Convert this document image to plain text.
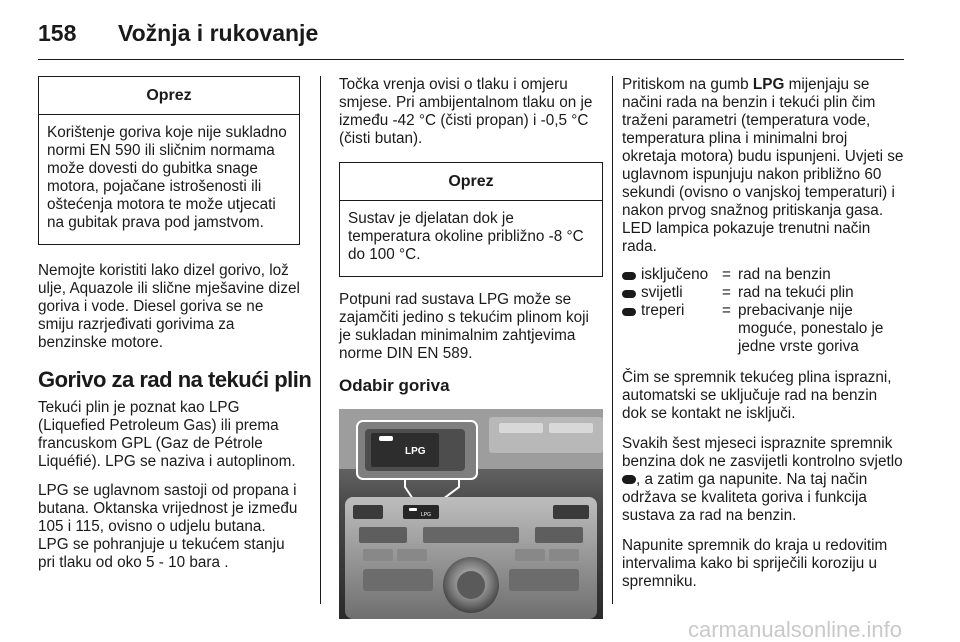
158 Vožnja i rukovanje
Oprez
Korištenje goriva koje nije sukladno normi EN 590 ili sličnim normama može dovesti do gubitka snage motora, pojačane istrošenosti ili oštećenja motora te može utjecati na gubitak prava pod jamstvom.

Nemojte koristiti lako dizel gorivo, lož ulje, Aquazole ili slične mješavine dizel goriva i vode. Diesel goriva se ne smiju razrjeđivati gorivima za benzinske motore.

Gorivo za rad na tekući plin

Tekući plin je poznat kao LPG (Liquefied Petroleum Gas) ili prema francuskom GPL (Gaz de Pétrole Liquéfié). LPG se naziva i autoplinom.

LPG se uglavnom sastoji od propana i butana. Oktanska vrijednost je između 105 i 115, ovisno o udjelu butana. LPG se pohranjuje u tekućem stanju pri tlaku od oko 5 - 10 bara .

Točka vrenja ovisi o tlaku i omjeru smjese. Pri ambijentalnom tlaku on je između -42 °C (čisti propan) i -0,5 °C (čisti butan).

Oprez
Sustav je djelatan dok je temperatura okoline približno -8 °C do 100 °C.

Potpuni rad sustava LPG može se zajamčiti jedino s tekućim plinom koji je sukladan minimalnim zahtjevima norme DIN EN 589.

Odabir goriva
LPG
LPG

Pritiskom na gumb LPG mijenjaju se načini rada na benzin i tekući plin čim traženi parametri (temperatura vode, temperatura plina i minimalni broj okretaja motora) budu ispunjeni. Uvjeti se uglavnom ispunjuju nakon približno 60 sekundi (ovisno o vanjskoj temperaturi) i nakon prvog snažnog pritiskanja gasa. LED lampica pokazuje trenutni način rada.

isključeno = rad na benzin
svijetli	= rad na tekući plin
treperi	= prebacivanje nije moguće, ponestalo je jedne vrste goriva

Čim se spremnik tekućeg plina isprazni, automatski se uključuje rad na benzin dok se kontakt ne isključi.

Svakih šest mjeseci ispraznite spremnik benzina dok ne zasvijetli kontrolno svjetlo , a zatim ga napunite. Na taj način održava se kvaliteta goriva i funkcija sustava za rad na benzin.

Napunite spremnik do kraja u redovitim intervalima kako bi spriječili koroziju u spremniku.

carmanualsonline.info
